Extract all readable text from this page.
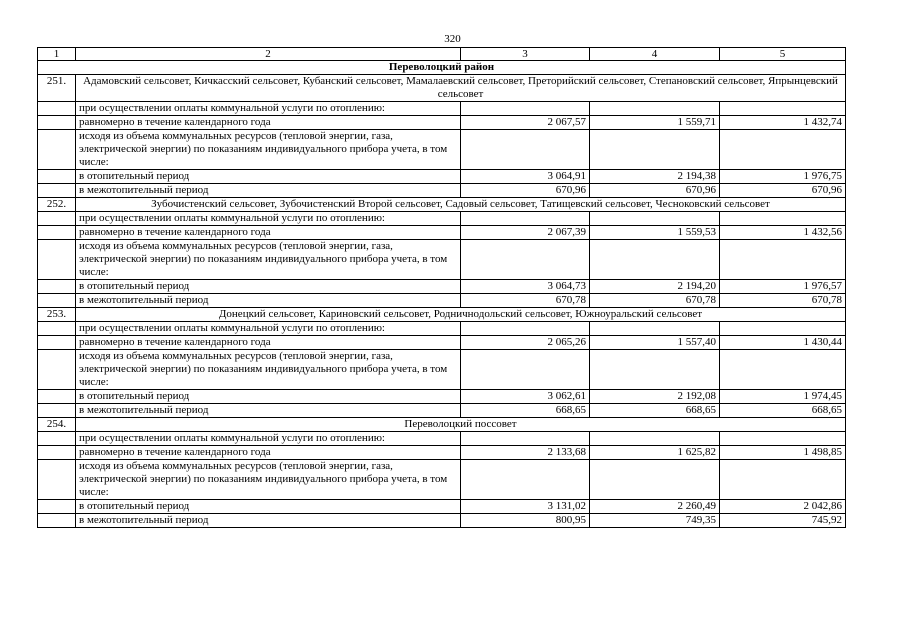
320
1	2	3	4	5
Переволоцкий район				
251.	Адамовский сельсовет, Кичкасский сельсовет, Кубанский сельсовет, Мамалаевский сельсовет, Преторийский сельсовет, Степановский сельсовет, Япрынцевский сельсовет			
	при осуществлении оплаты коммунальной услуги по отоплению:			
	равномерно в течение календарного года	2 067,57	1 559,71	1 432,74
	исходя из объема коммунальных ресурсов (тепловой энергии, газа, электрической энергии) по показаниям индивидуального прибора учета, в том числе:			
	в отопительный период	3 064,91	2 194,38	1 976,75
	в межотопительный период	670,96	670,96	670,96
252.	Зубочистенский сельсовет, Зубочистенский Второй сельсовет, Садовый сельсовет, Татищевский сельсовет, Чесноковский сельсовет			
	при осуществлении оплаты коммунальной услуги по отоплению:			
	равномерно в течение календарного года	2 067,39	1 559,53	1 432,56
	исходя из объема коммунальных ресурсов (тепловой энергии, газа, электрической энергии) по показаниям индивидуального прибора учета, в том числе:			
	в отопительный период	3 064,73	2 194,20	1 976,57
	в межотопительный период	670,78	670,78	670,78
253.	Донецкий сельсовет, Кариновский сельсовет, Родничнодольский сельсовет, Южноуральский сельсовет			
	при осуществлении оплаты коммунальной услуги по отоплению:			
	равномерно в течение календарного года	2 065,26	1 557,40	1 430,44
	исходя из объема коммунальных ресурсов (тепловой энергии, газа, электрической энергии) по показаниям индивидуального прибора учета, в том числе:			
	в отопительный период	3 062,61	2 192,08	1 974,45
	в межотопительный период	668,65	668,65	668,65
254.	Переволоцкий поссовет			
	при осуществлении оплаты коммунальной услуги по отоплению:			
	равномерно в течение календарного года	2 133,68	1 625,82	1 498,85
	исходя из объема коммунальных ресурсов (тепловой энергии, газа, электрической энергии) по показаниям индивидуального прибора учета, в том числе:			
	в отопительный период	3 131,02	2 260,49	2 042,86
	в межотопительный период	800,95	749,35	745,92
